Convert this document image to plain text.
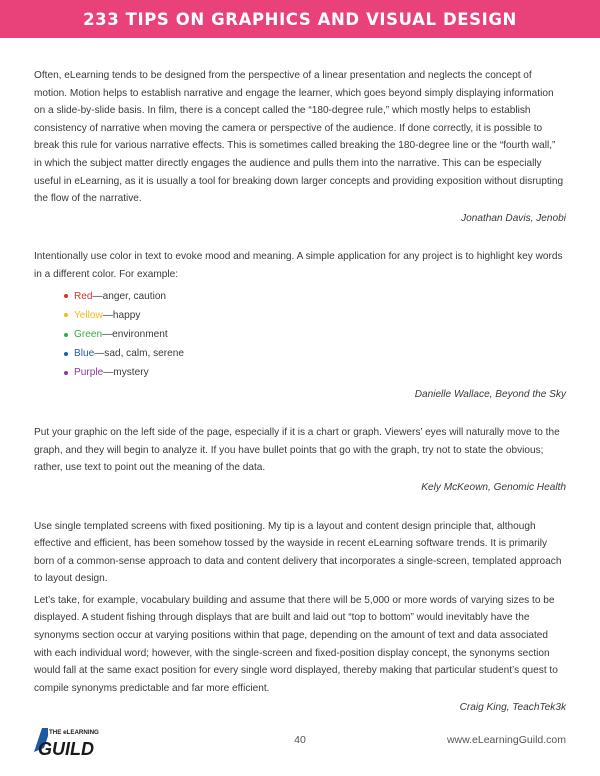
233 TIPS ON GRAPHICS AND VISUAL DESIGN

Often, eLearning tends to be designed from the perspective of a linear presentation and neglects the concept of motion. Motion helps to establish narrative and engage the learner, which goes beyond simply displaying information on a slide-by-slide basis. In film, there is a concept called the “180-degree rule,” which mostly helps to establish consistency of narrative when moving the camera or perspective of the audience. If done correctly, it is possible to break this rule for various narrative effects. This is sometimes called breaking the 180-degree line or the “fourth wall,” in which the subject matter directly engages the audience and pulls them into the narrative. This can be especially useful in eLearning, as it is usually a tool for breaking down larger concepts and providing exposition without disrupting the flow of the narrative.

Jonathan Davis, Jenobi

Intentionally use color in text to evoke mood and meaning. A simple application for any project is to highlight key words in a different color. For example:

Red —anger, caution
Yellow —happy
Green —environment
Blue —sad, calm, serene
Purple —mystery
Danielle Wallace, Beyond the Sky

Put your graphic on the left side of the page, especially if it is a chart or graph. Viewers’ eyes will naturally move to the graph, and they will begin to analyze it. If you have bullet points that go with the graph, try not to state the obvious; rather, use text to point out the meaning of the data.

Kely McKeown, Genomic Health

Use single templated screens with fixed positioning. My tip is a layout and content design principle that, although effective and efficient, has been somehow tossed by the wayside in recent eLearning software trends. It is primarily born of a common-sense approach to data and content delivery that incorporates a single-screen, templated approach to layout design.

Let’s take, for example, vocabulary building and assume that there will be 5,000 or more words of varying sizes to be displayed. A student fishing through displays that are built and laid out “top to bottom” would inevitably have the synonyms section occur at varying positions within that page, depending on the amount of text and data associated with each individual word; however, with the single-screen and fixed-position display concept, the synonyms section would fall at the same exact position for every single word displayed, thereby making that particular student’s quest to compile synonyms predictable and far more efficient.

Craig King, TeachTek3k
THE eLEARNING
GUILD	40	www.eLearningGuild.com
